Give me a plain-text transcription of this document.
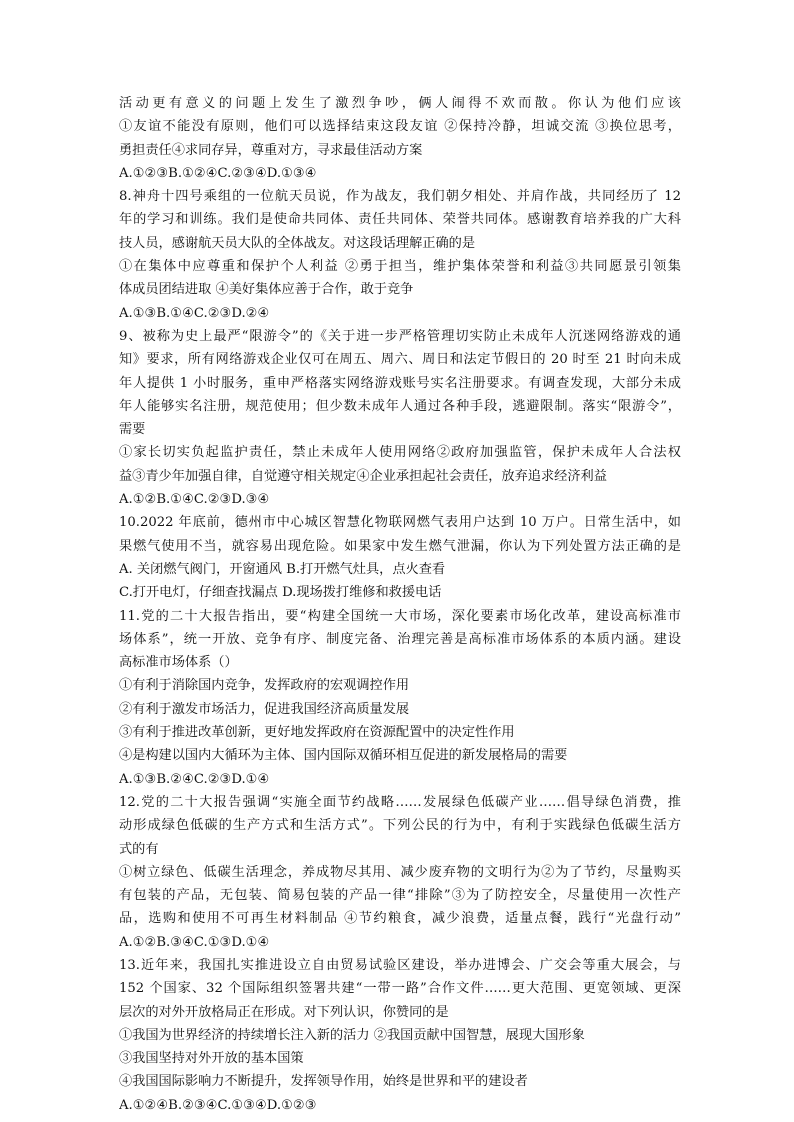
活动更有意义的问题上发生了激烈争吵，俩人闹得不欢而散。你认为他们应该
①友谊不能没有原则，他们可以选择结束这段友谊 ②保持冷静，坦诚交流 ③换位思考，
勇担责任④求同存异，尊重对方，寻求最佳活动方案
A.①②③B.①②④C.②③④D.①③④
8.神舟十四号乘组的一位航天员说，作为战友，我们朝夕相处、并肩作战，共同经历了 12
年的学习和训练。我们是使命共同体、责任共同体、荣誉共同体。感谢教育培养我的广大科
技人员，感谢航天员大队的全体战友。对这段话理解正确的是
①在集体中应尊重和保护个人利益 ②勇于担当，维护集体荣誉和利益③共同愿景引领集
体成员团结进取 ④美好集体应善于合作，敢于竞争
A.①③B.①④C.②③D.②④
9、被称为史上最严“限游令”的《关于进一步严格管理切实防止未成年人沉迷网络游戏的通
知》要求，所有网络游戏企业仅可在周五、周六、周日和法定节假日的 20 时至 21 时向未成
年人提供 1 小时服务，重申严格落实网络游戏账号实名注册要求。有调查发现，大部分未成
年人能够实名注册，规范使用；但少数未成年人通过各种手段，逃避限制。落实“限游令”，
需要
①家长切实负起监护责任，禁止未成年人使用网络②政府加强监管，保护未成年人合法权
益③青少年加强自律，自觉遵守相关规定④企业承担起社会责任，放弃追求经济利益
A.①②B.①④C.②③D.③④
10.2022 年底前，德州市中心城区智慧化物联网燃气表用户达到 10 万户。日常生活中，如
果燃气使用不当，就容易出现危险。如果家中发生燃气泄漏，你认为下列处置方法正确的是
A. 关闭燃气阀门，开窗通风 B.打开燃气灶具，点火查看
C.打开电灯，仔细查找漏点 D.现场拨打维修和救援电话
11.党的二十大报告指出，要“构建全国统一大市场，深化要素市场化改革，建设高标准市
场体系”，统一开放、竞争有序、制度完备、治理完善是高标准市场体系的本质内涵。建设
高标准市场体系（）
①有利于消除国内竞争，发挥政府的宏观调控作用
②有利于激发市场活力，促进我国经济高质量发展
③有利于推进改革创新，更好地发挥政府在资源配置中的决定性作用
④是构建以国内大循环为主体、国内国际双循环相互促进的新发展格局的需要
A.①③B.②④C.②③D.①④
12.党的二十大报告强调“实施全面节约战略……发展绿色低碳产业……倡导绿色消费，推
动形成绿色低碳的生产方式和生活方式”。下列公民的行为中，有利于实践绿色低碳生活方
式的有
①树立绿色、低碳生活理念，养成物尽其用、减少废弃物的文明行为②为了节约，尽量购买
有包装的产品，无包装、简易包装的产品一律“排除”③为了防控安全，尽量使用一次性产
品，选购和使用不可再生材料制品 ④节约粮食，减少浪费，适量点餐，践行“光盘行动”
A.①②B.③④C.①③D.①④
13.近年来，我国扎实推进设立自由贸易试验区建设，举办进博会、广交会等重大展会，与
152 个国家、32 个国际组织签署共建“一带一路”合作文件……更大范围、更宽领域、更深
层次的对外开放格局正在形成。对下列认识，你赞同的是
①我国为世界经济的持续增长注入新的活力 ②我国贡献中国智慧，展现大国形象
③我国坚持对外开放的基本国策
④我国国际影响力不断提升，发挥领导作用，始终是世界和平的建设者
A.①②④B.②③④C.①③④D.①②③
